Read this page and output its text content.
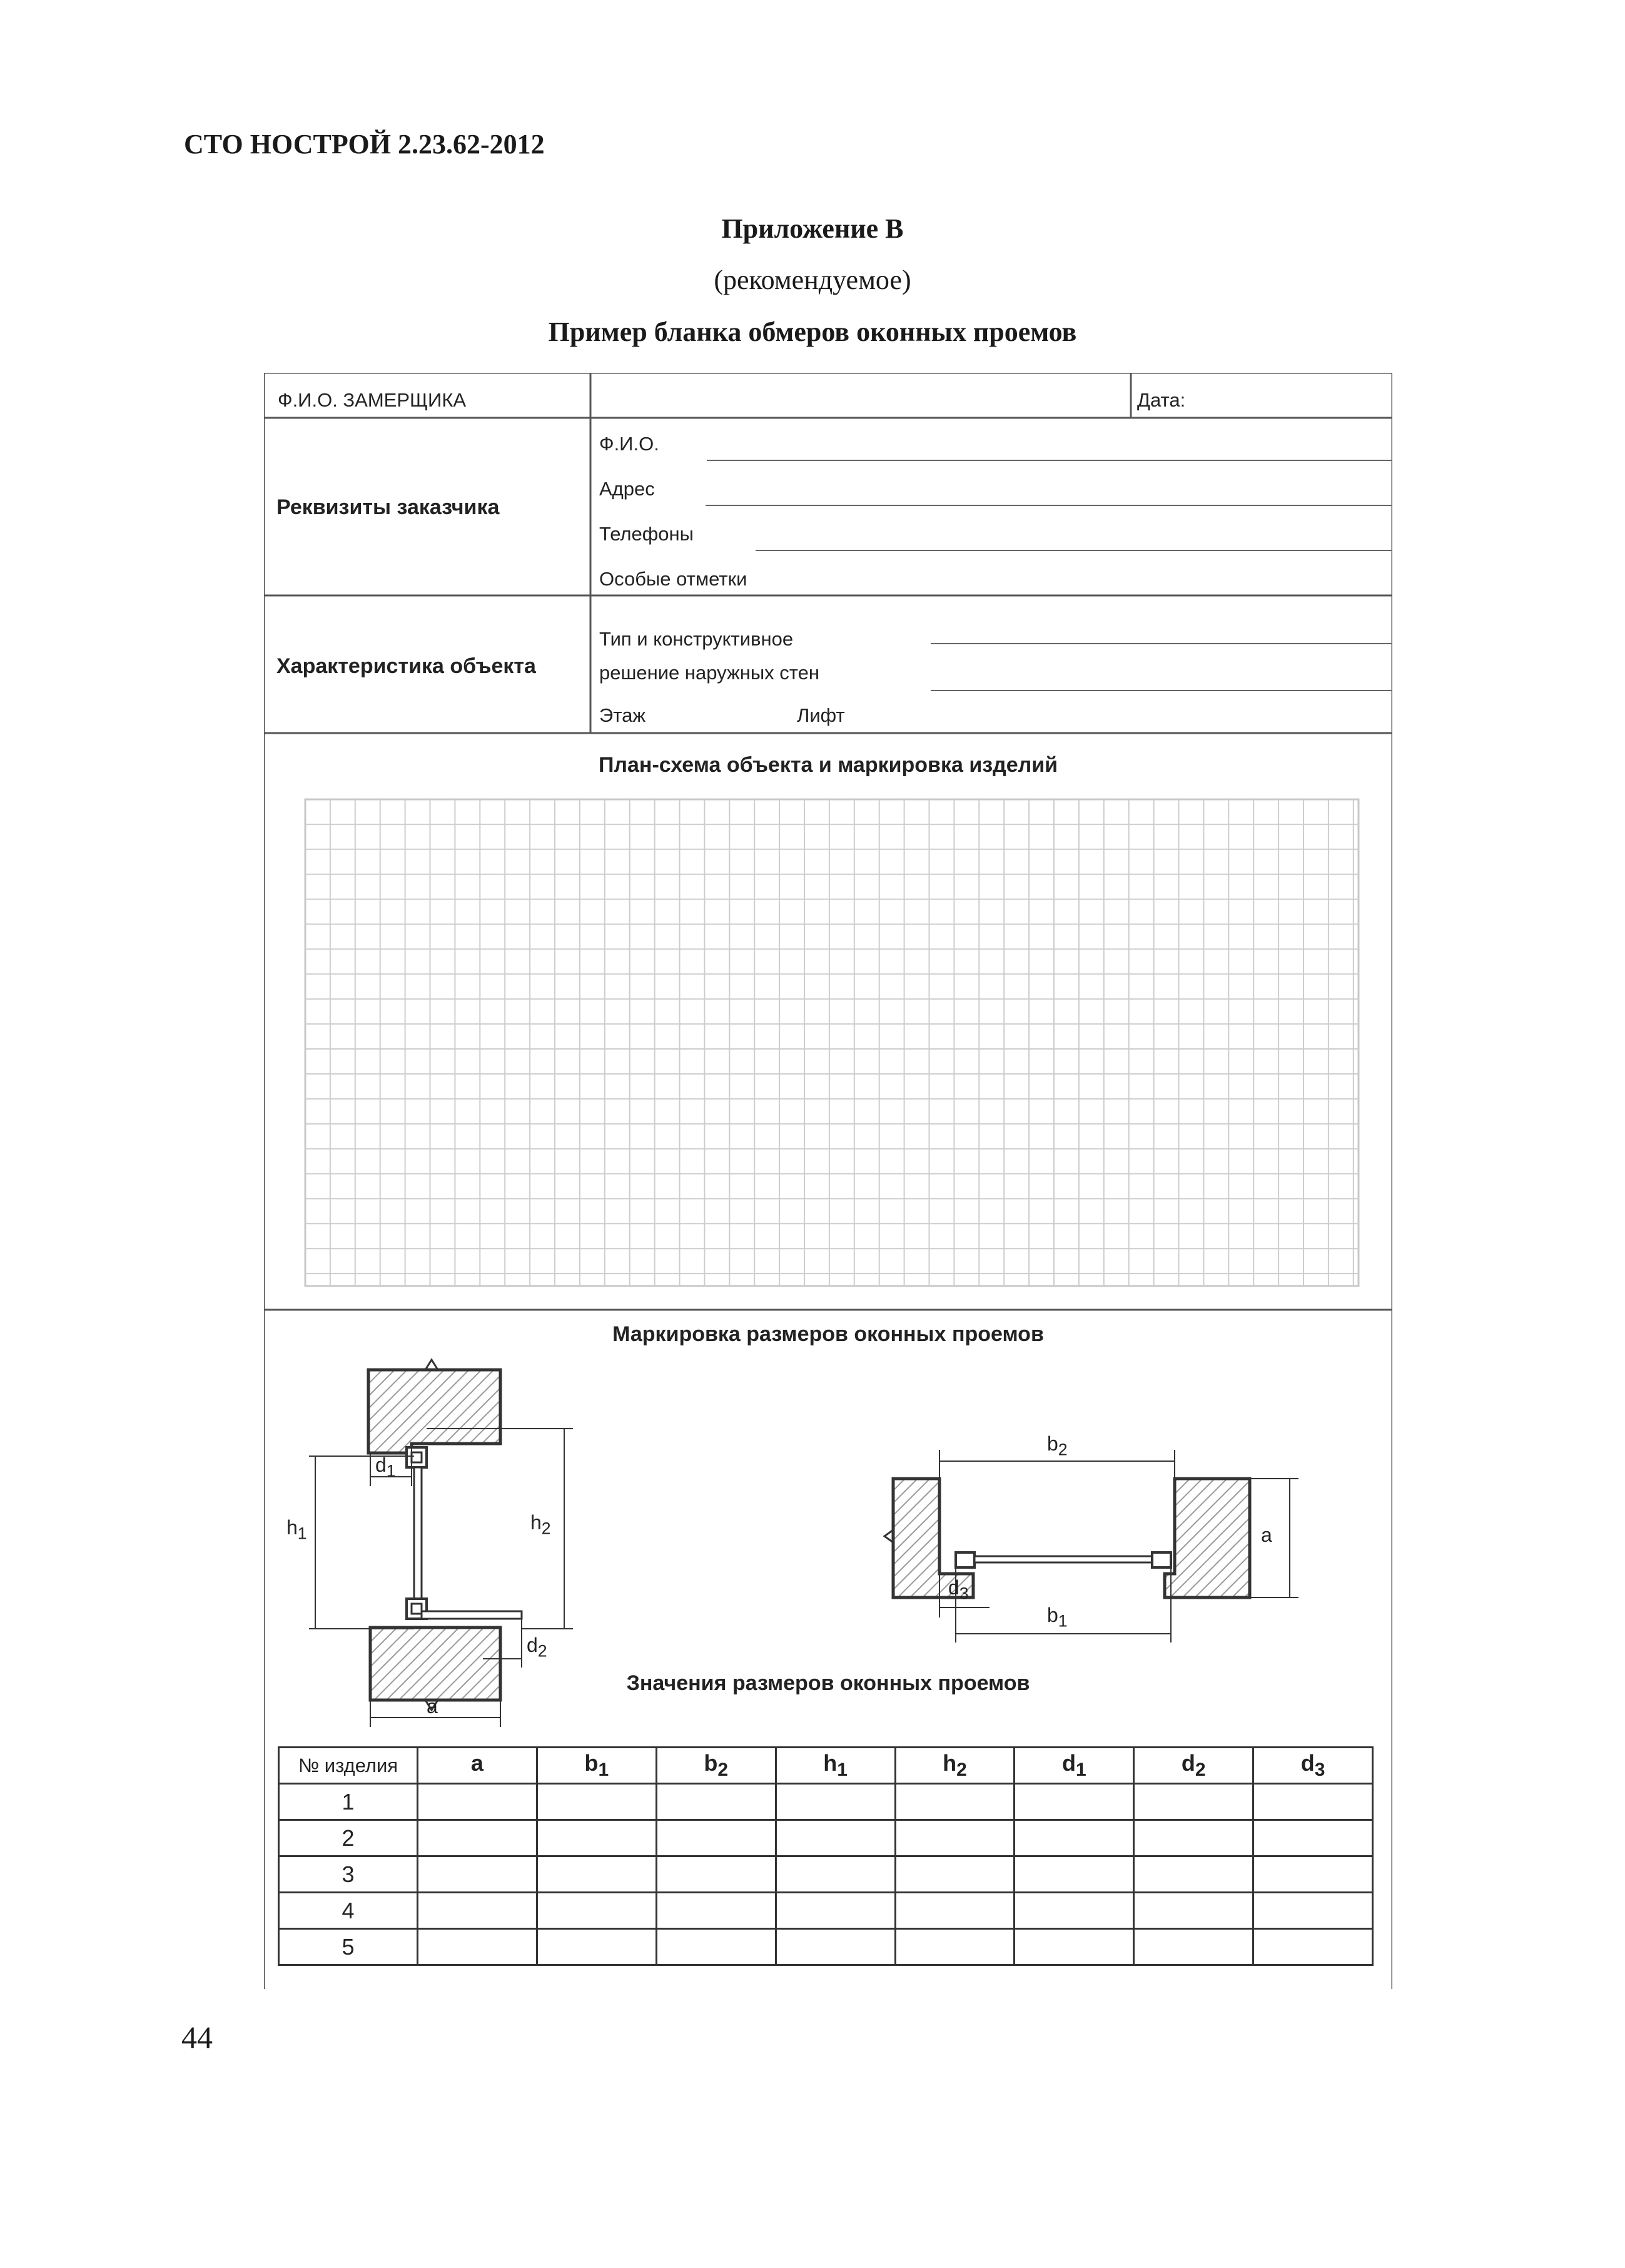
СТО НОСТРОЙ 2.23.62-2012
Приложение В
(рекомендуемое)
Пример бланка обмеров оконных проемов
Ф.И.О. ЗАМЕРЩИКА	Дата:
Реквизиты заказчика
Ф.И.О.
Адрес
Телефоны
Особые отметки
Характеристика объекта
Тип и конструктивное
решение наружных стен
Этаж	Лифт
План-схема объекта и маркировка изделий
Маркировка размеров оконных проемов
Значения размеров оконных проемов
$d_1$
$d_2$
$h_1$	$h_2$
a
$b_2$
$b_1$
$d_3$
a
№ изделия	a	$b_1$	$b_2$	$h_1$	$h_2$	$d_1$	$d_2$	$d_3$
1								
2								
3								
4								
5								
44
